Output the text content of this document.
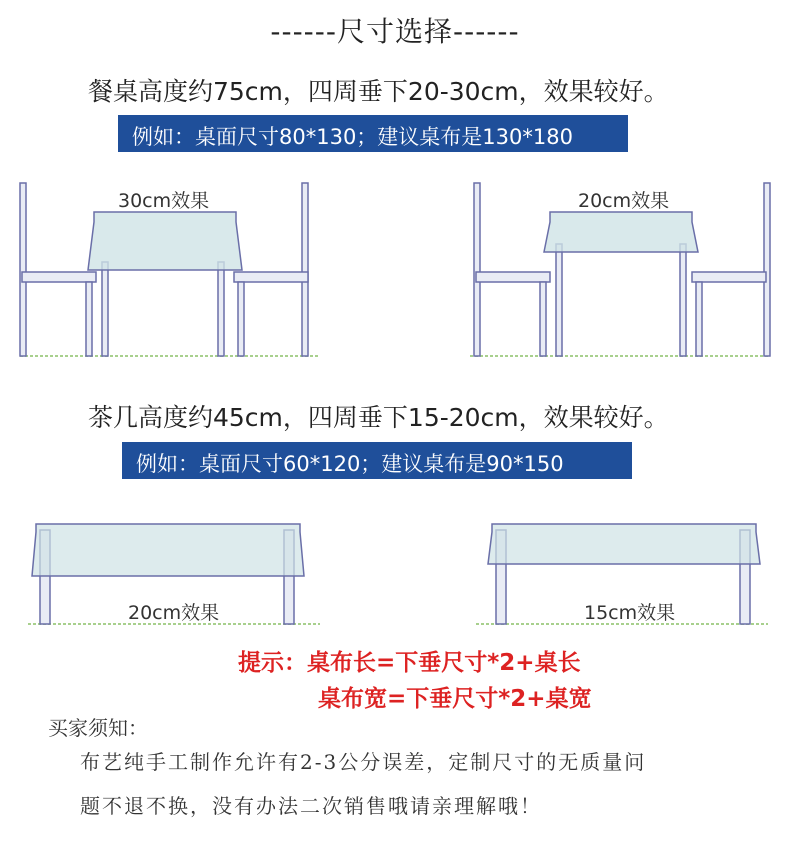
------尺寸选择------
餐桌高度约75cm，四周垂下20-30cm，效果较好。
例如：桌面尺寸80*130；建议桌布是130*180
30cm效果	20cm效果
茶几高度约45cm，四周垂下15-20cm，效果较好。
例如：桌面尺寸60*120；建议桌布是90*150
20cm效果	15cm效果
提示：桌布长=下垂尺寸*2+桌长
桌布宽=下垂尺寸*2+桌宽
买家须知：
布艺纯手工制作允许有2-3公分误差，定制尺寸的无质量问
题不退不换，没有办法二次销售哦请亲理解哦！
